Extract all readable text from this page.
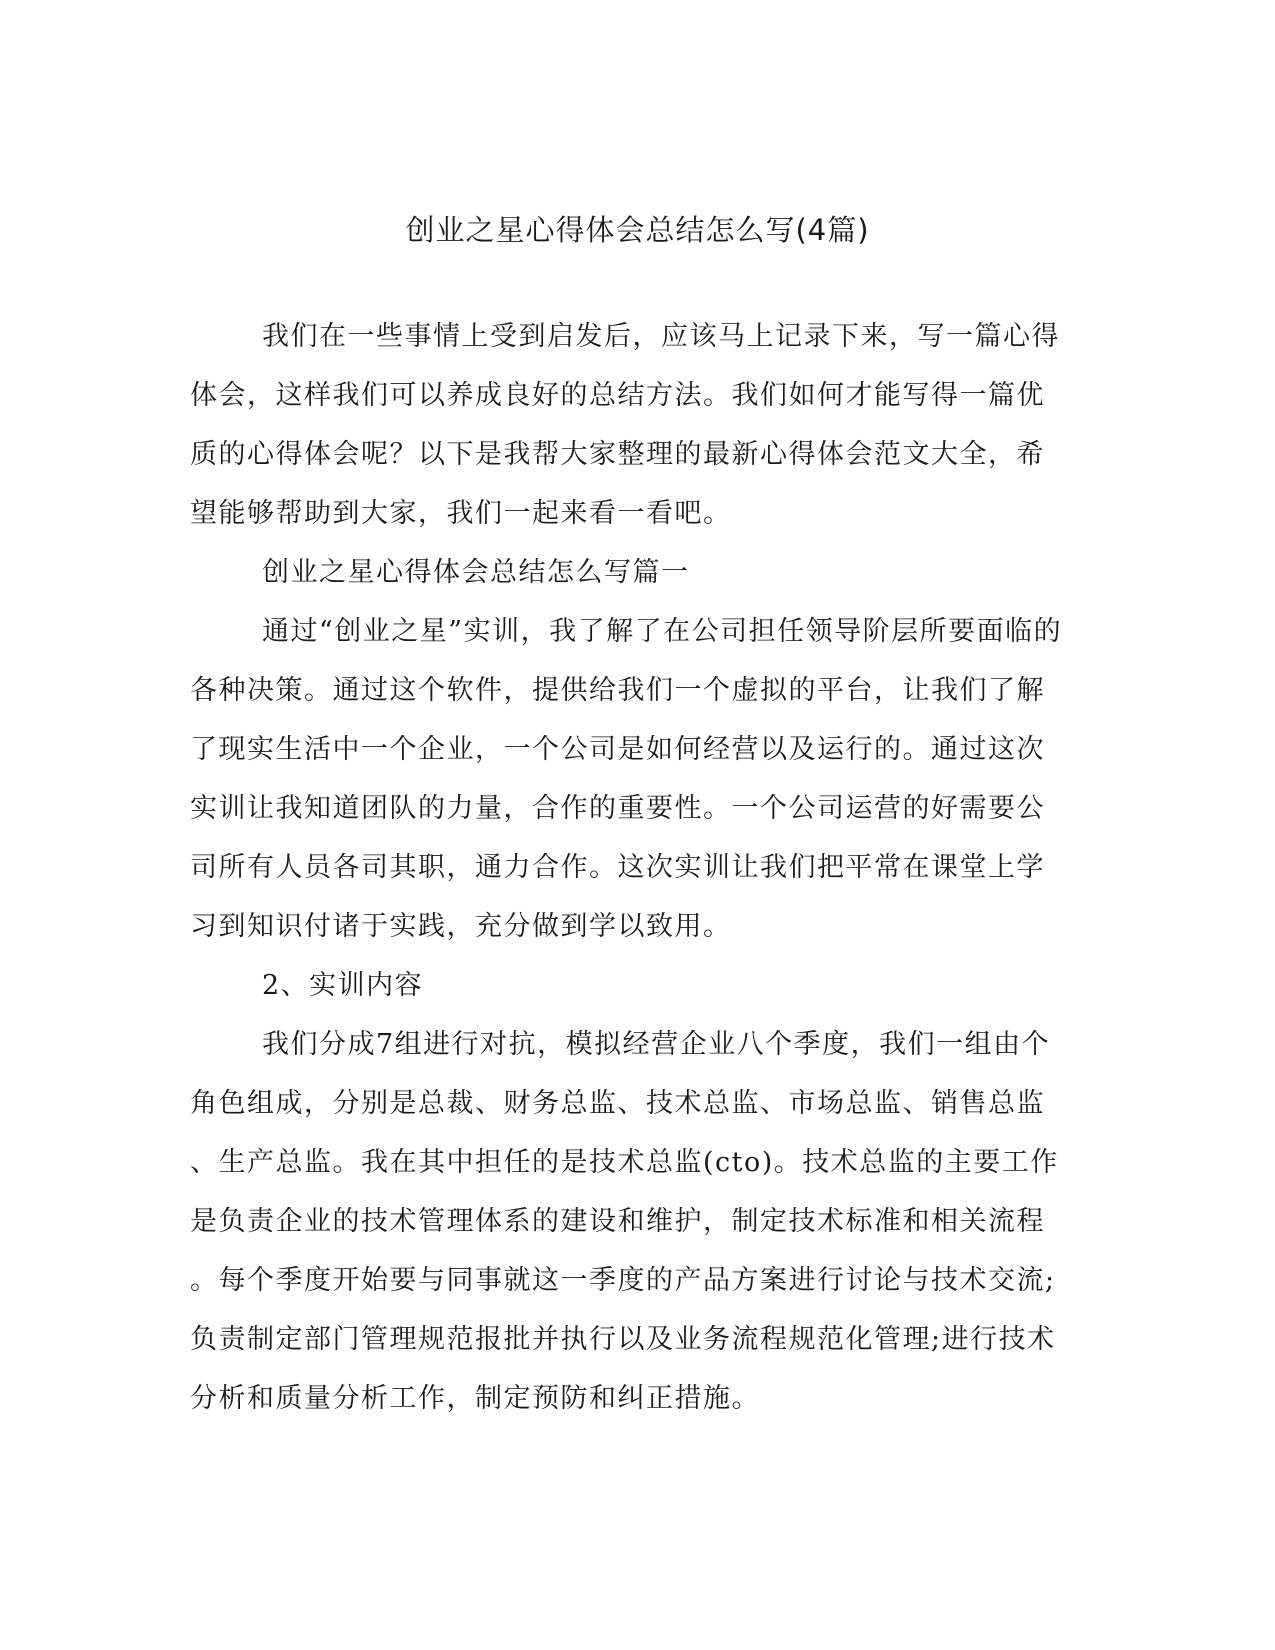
创业之星心得体会总结怎么写(4篇)
我们在一些事情上受到启发后，应该马上记录下来，写一篇心得
体会，这样我们可以养成良好的总结方法。我们如何才能写得一篇优
质的心得体会呢？以下是我帮大家整理的最新心得体会范文大全，希
望能够帮助到大家，我们一起来看一看吧。
创业之星心得体会总结怎么写篇一
通过“创业之星”实训，我了解了在公司担任领导阶层所要面临的
各种决策。通过这个软件，提供给我们一个虚拟的平台，让我们了解
了现实生活中一个企业，一个公司是如何经营以及运行的。通过这次
实训让我知道团队的力量，合作的重要性。一个公司运营的好需要公
司所有人员各司其职，通力合作。这次实训让我们把平常在课堂上学
习到知识付诸于实践，充分做到学以致用。
2、实训内容
我们分成7组进行对抗，模拟经营企业八个季度，我们一组由个
角色组成，分别是总裁、财务总监、技术总监、市场总监、销售总监
、生产总监。我在其中担任的是技术总监(cto)。技术总监的主要工作
是负责企业的技术管理体系的建设和维护，制定技术标准和相关流程
。每个季度开始要与同事就这一季度的产品方案进行讨论与技术交流;
负责制定部门管理规范报批并执行以及业务流程规范化管理;进行技术
分析和质量分析工作，制定预防和纠正措施。
